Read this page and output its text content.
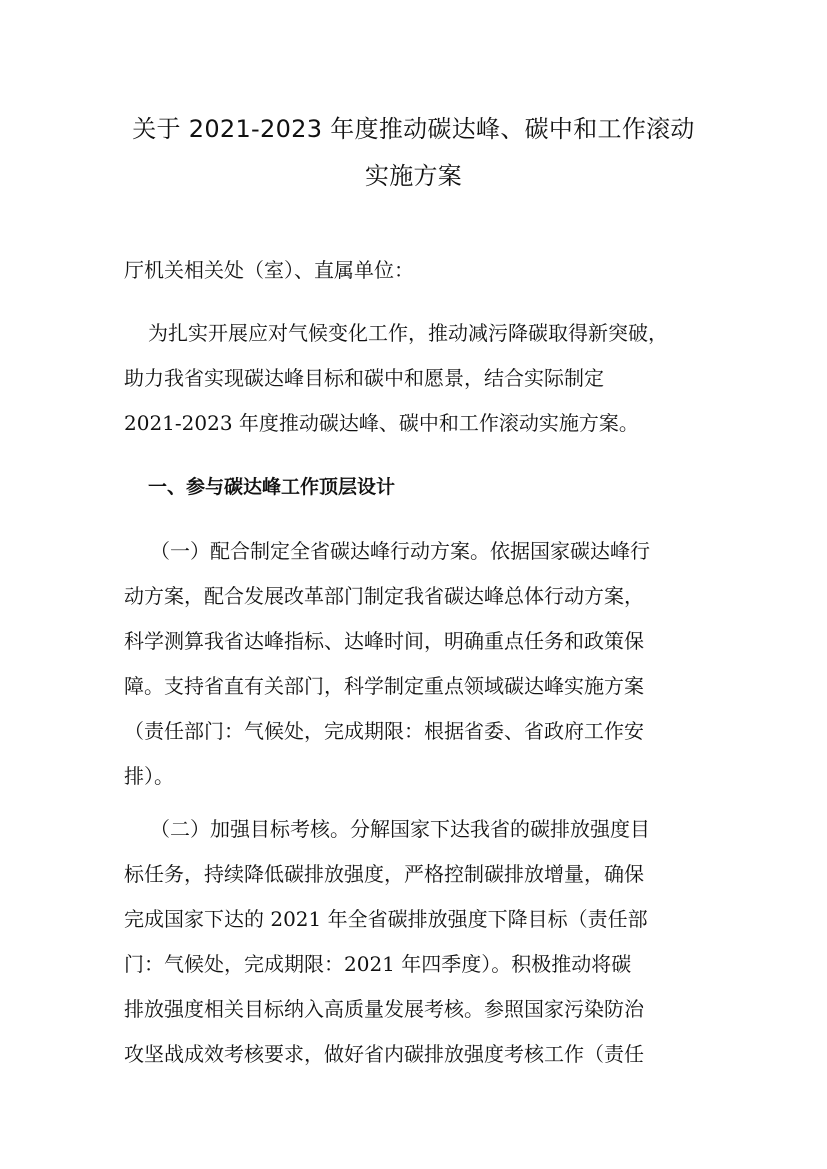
关于 2021-2023 年度推动碳达峰、碳中和工作滚动
实施方案
厅机关相关处（室）、直属单位：
为扎实开展应对气候变化工作，推动减污降碳取得新突破，
助力我省实现碳达峰目标和碳中和愿景，结合实际制定
2021-2023 年度推动碳达峰、碳中和工作滚动实施方案。
一、参与碳达峰工作顶层设计
（一）配合制定全省碳达峰行动方案。依据国家碳达峰行
动方案，配合发展改革部门制定我省碳达峰总体行动方案，
科学测算我省达峰指标、达峰时间，明确重点任务和政策保
障。支持省直有关部门，科学制定重点领域碳达峰实施方案
（责任部门：气候处，完成期限：根据省委、省政府工作安
排）。
（二）加强目标考核。分解国家下达我省的碳排放强度目
标任务，持续降低碳排放强度，严格控制碳排放增量，确保
完成国家下达的 2021 年全省碳排放强度下降目标（责任部
门：气候处，完成期限：2021 年四季度）。积极推动将碳
排放强度相关目标纳入高质量发展考核。参照国家污染防治
攻坚战成效考核要求，做好省内碳排放强度考核工作（责任
